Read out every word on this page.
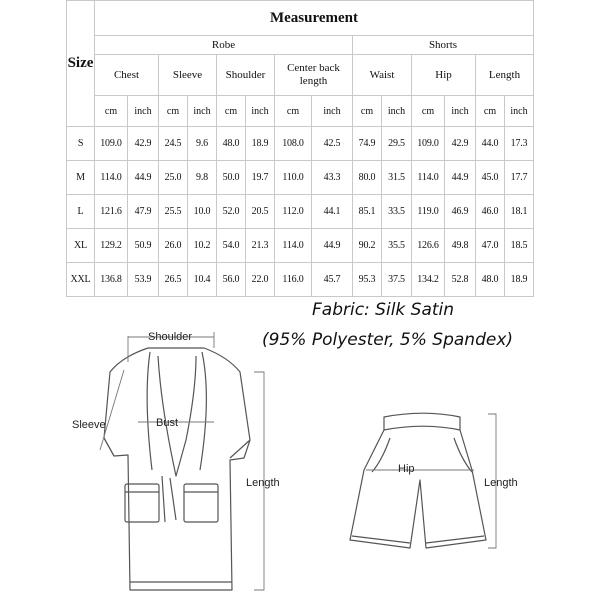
Size	Measurement													
	Robe								Shorts					
	Chest		Sleeve		Shoulder		Center back length		Waist		Hip		Length	
	cm	inch	cm	inch	cm	inch	cm	inch	cm	inch	cm	inch	cm	inch
S	109.0	42.9	24.5	9.6	48.0	18.9	108.0	42.5	74.9	29.5	109.0	42.9	44.0	17.3
M	114.0	44.9	25.0	9.8	50.0	19.7	110.0	43.3	80.0	31.5	114.0	44.9	45.0	17.7
L	121.6	47.9	25.5	10.0	52.0	20.5	112.0	44.1	85.1	33.5	119.0	46.9	46.0	18.1
XL	129.2	50.9	26.0	10.2	54.0	21.3	114.0	44.9	90.2	35.5	126.6	49.8	47.0	18.5
XXL	136.8	53.9	26.5	10.4	56.0	22.0	116.0	45.7	95.3	37.5	134.2	52.8	48.0	18.9
Fabric: Silk Satin
(95% Polyester, 5% Spandex)
Shoulder
Sleeve	Bust
Length
Hip
Length
